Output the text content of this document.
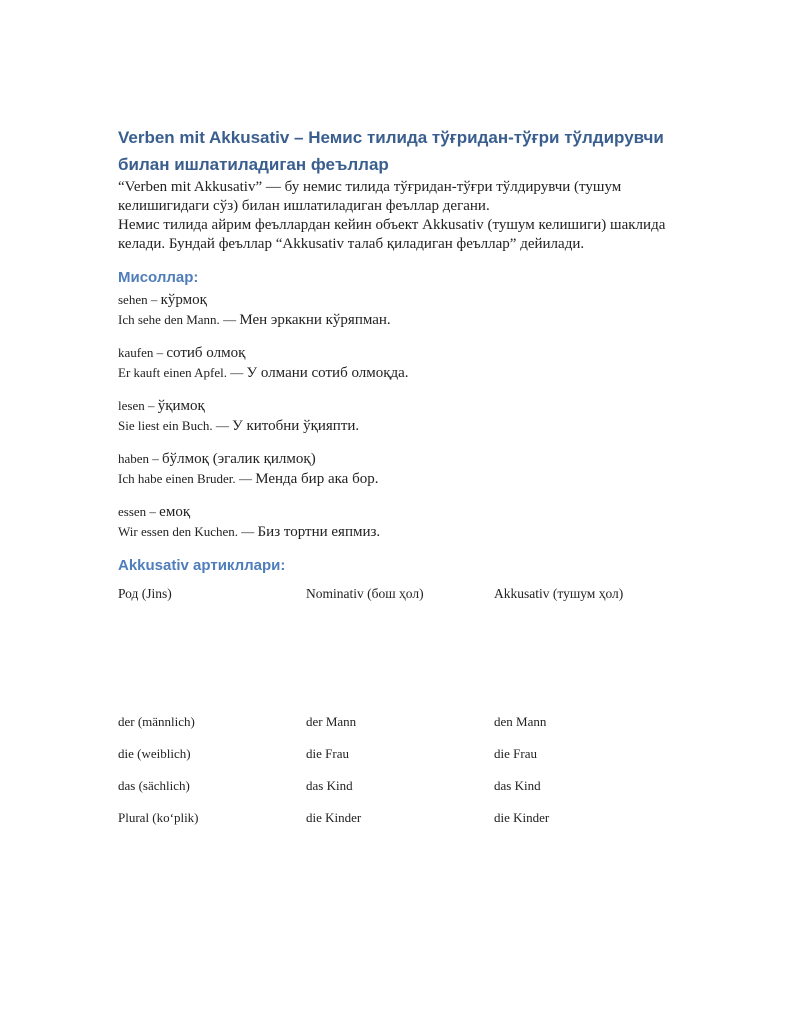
Verben mit Akkusativ – Немис тилида тўғридан-тўғри тўлдирувчи билан ишлатиладиган феъллар

“Verben mit Akkusativ” — бу немис тилида тўғридан-тўғри тўлдирувчи (тушум келишигидаги сўз) билан ишлатиладиган феъллар дегани.

Немис тилида айрим феъллардан кейин объект Akkusativ (тушум келишиги) шаклида келади. Бундай феъллар “Akkusativ талаб қиладиган феъллар” дейилади.

Мисоллар:
sehen – кўрмоқ
Ich sehe den Mann. — Мен эркакни кўряпман.
kaufen – сотиб олмоқ
Er kauft einen Apfel. — У олмани сотиб олмоқда.
lesen – ўқимоқ
Sie liest ein Buch. — У китобни ўқияпти.
haben – бўлмоқ (эгалик қилмоқ)
Ich habe einen Bruder. — Менда бир ака бор.
essen – емоқ
Wir essen den Kuchen. — Биз тортни еяпмиз.
Akkusativ артикллари:
Род (Jins)	Nominativ (бош ҳол)	Akkusativ (тушум ҳол)
der (männlich)	der Mann	den Mann
die (weiblich)	die Frau	die Frau
das (sächlich)	das Kind	das Kind
Plural (ko‘plik)	die Kinder	die Kinder
